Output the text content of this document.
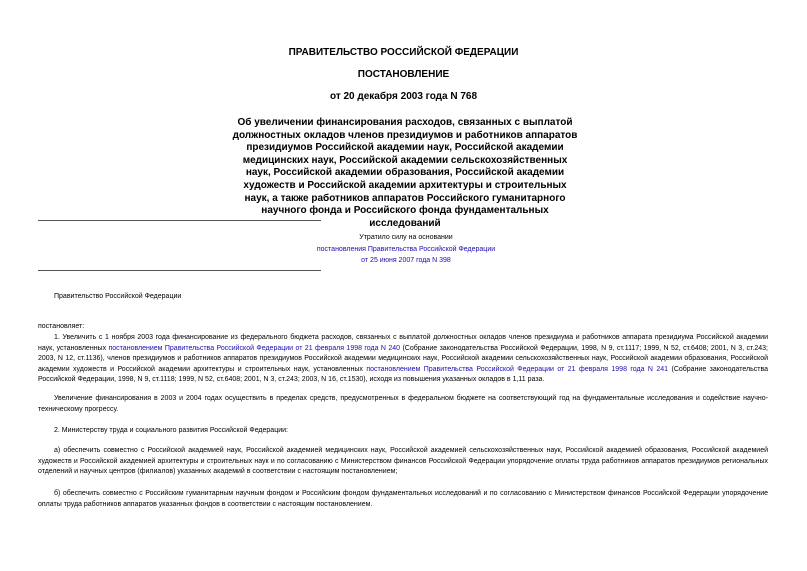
ПРАВИТЕЛЬСТВО РОССИЙСКОЙ ФЕДЕРАЦИИ
ПОСТАНОВЛЕНИЕ
от 20 декабря 2003 года N 768
Об увеличении финансирования расходов, связанных с выплатой должностных окладов членов президиумов и работников аппаратов президиумов Российской академии наук, Российской академии медицинских наук, Российской академии сельскохозяйственных наук, Российской академии образования, Российской академии художеств и Российской академии архитектуры и строительных наук, а также работников аппаратов Российского гуманитарного научного фонда и Российского фонда фундаментальных исследований
Утратило силу на основании
постановления Правительства Российской Федерации
от 25 июня 2007 года N 398
Правительство Российской Федерации
постановляет:
1. Увеличить с 1 ноября 2003 года финансирование из федерального бюджета расходов, связанных с выплатой должностных окладов членов президиума и работников аппарата президиума Российской академии наук, установленных постановлением Правительства Российской Федерации от 21 февраля 1998 года N 240 (Собрание законодательства Российской Федерации, 1998, N 9, ст.1117; 1999, N 52, ст.6408; 2001, N 3, ст.243; 2003, N 12, ст.1136), членов президиумов и работников аппаратов президиумов Российской академии медицинских наук, Российской академии сельскохозяйственных наук, Российской академии образования, Российской академии художеств и Российской академии архитектуры и строительных наук, установленных постановлением Правительства Российской Федерации от 21 февраля 1998 года N 241 (Собрание законодательства Российской Федерации, 1998, N 9, ст.1118; 1999, N 52, ст.6408; 2001, N 3, ст.243; 2003, N 16, ст.1530), исходя из повышения указанных окладов в 1,11 раза.
Увеличение финансирования в 2003 и 2004 годах осуществить в пределах средств, предусмотренных в федеральном бюджете на соответствующий год на фундаментальные исследования и содействие научно-техническому прогрессу.
2. Министерству труда и социального развития Российской Федерации:
а) обеспечить совместно с Российской академией наук, Российской академией медицинских наук, Российской академией сельскохозяйственных наук, Российской академией образования, Российской академией художеств и Российской академией архитектуры и строительных наук и по согласованию с Министерством финансов Российской Федерации упорядочение оплаты труда работников аппаратов президиумов региональных отделений и научных центров (филиалов) указанных академий в соответствии с настоящим постановлением;
б) обеспечить совместно с Российским гуманитарным научным фондом и Российским фондом фундаментальных исследований и по согласованию с Министерством финансов Российской Федерации упорядочение оплаты труда работников аппаратов указанных фондов в соответствии с настоящим постановлением.
